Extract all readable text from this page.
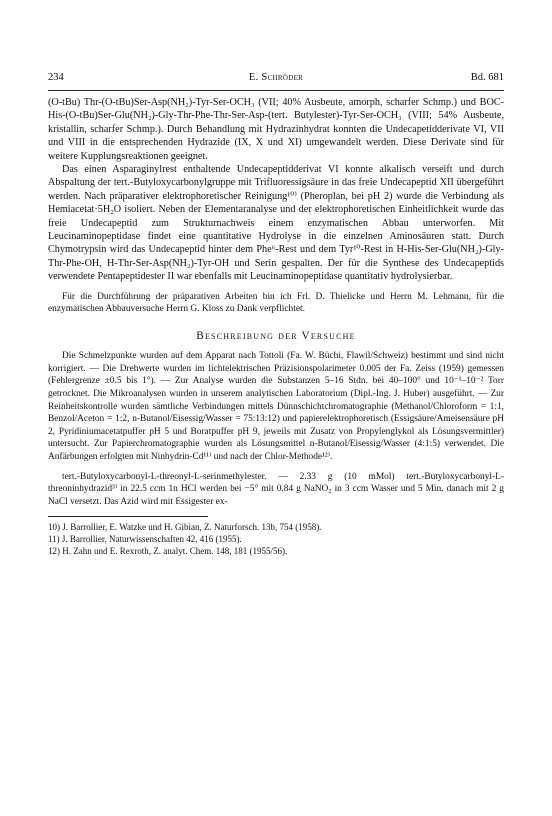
234	E. Schröder	Bd. 681

(O-tBu) Thr-(O-tBu)Ser-Asp(NH₂)-Tyr-Ser-OCH₃ (VII; 40% Ausbeute, amorph, scharfer Schmp.) und BOC-His-(O-tBu)Ser-Glu(NH₂)-Gly-Thr-Phe-Thr-Ser-Asp-(tert. Butylester)-Tyr-Ser-OCH₃ (VIII; 54% Ausbeute, kristallin, scharfer Schmp.). Durch Behandlung mit Hydrazinhydrat konnten die Undecapetidderivate VI, VII und VIII in die entsprechenden Hydrazide (IX, X und XI) umgewandelt werden. Diese Derivate sind für weitere Kupplungsreaktionen geeignet.

Das einen Asparaginylrest enthaltende Undecapeptidderivat VI konnte alkalisch verseift und durch Abspaltung der tert.-Butyloxycarbonylgruppe mit Trifluoressigsäure in das freie Undecapeptid XII übergeführt werden. Nach präparativer elektrophoretischer Reinigung¹⁰⁾ (Pheroplan, bei pH 2) wurde die Verbindung als Hemiacetat·5H₂O isoliert. Neben der Elementaranalyse und der elektrophoretischen Einheitlichkeit wurde das freie Undecapeptid zum Strukturnachweis einem enzymatischen Abbau unterworfen. Mit Leucinaminopeptidase findet eine quantitative Hydrolyse in die einzelnen Aminosäuren statt. Durch Chymotrypsin wird das Undecapeptid hinter dem Phe⁶-Rest und dem Tyr¹⁰-Rest in H-His-Ser-Glu(NH₂)-Gly-Thr-Phe-OH, H-Thr-Ser-Asp(NH₂)-Tyr-OH und Serin gespalten. Der für die Synthese des Undecapeptids verwendete Pentapeptidester II war ebenfalls mit Leucinaminopeptidase quantitativ hydrolysierbar.

Für die Durchführung der präparativen Arbeiten bin ich Frl. D. Thielicke und Herrn M. Lehmann, für die enzymatischen Abbauversuche Herrn G. Kloss zu Dank verpflichtet.

Beschreibung der Versuche

Die Schmelzpunkte wurden auf dem Apparat nach Tottoli (Fa. W. Büchi, Flawil/Schweiz) bestimmt und sind nicht korrigiert. — Die Drehwerte wurden im lichtelektrischen Präzisionspolarimeter 0.005 der Fa. Zeiss (1959) gemessen (Fehlergrenze ±0.5 bis 1°). — Zur Analyse wurden die Substanzen 5–16 Stdn. bei 40–100° und 10⁻¹–10⁻² Torr getrocknet. Die Mikroanalysen wurden in unserem analytischen Laboratorium (Dipl.-Ing. J. Huber) ausgeführt. — Zur Reinheitskontrolle wurden sämtliche Verbindungen mittels Dünnschichtchromatographie (Methanol/Chloroform = 1:1, Benzol/Aceton = 1:2, n-Butanol/Eisessig/Wasser = 75:13:12) und papierelektrophoretisch (Essigsäure/Ameisensäure pH 2, Pyridiniumacetatpuffer pH 5 und Boratpuffer pH 9, jeweils mit Zusatz von Propylenglykol als Lösungsvermittler) untersucht. Zur Papierchromatographie wurden als Lösungsmittel n-Butanol/Eisessig/Wasser (4:1:5) verwendet. Die Anfärbungen erfolgten mit Ninhydrin-Cd¹¹⁾ und nach der Chlor-Methode¹²⁾.

tert.-Butyloxycarbonyl-L-threonyl-L-serinmethylester. — 2.33 g (10 mMol) tert.-Butyloxycarbonyl-L-threoninhydrazid³⁾ in 22.5 ccm 1n HCl werden bei −5° mit 0.84 g NaNO₂ in 3 ccm Wasser und 5 Min. danach mit 2 g NaCl versetzt. Das Azid wird mit Essigester ex-

10) J. Barrollier, E. Watzke und H. Gibian, Z. Naturforsch. 13b, 754 (1958).

11) J. Barrollier, Naturwissenschaften 42, 416 (1955).

12) H. Zahn und E. Rexroth, Z. analyt. Chem. 148, 181 (1955/56).
